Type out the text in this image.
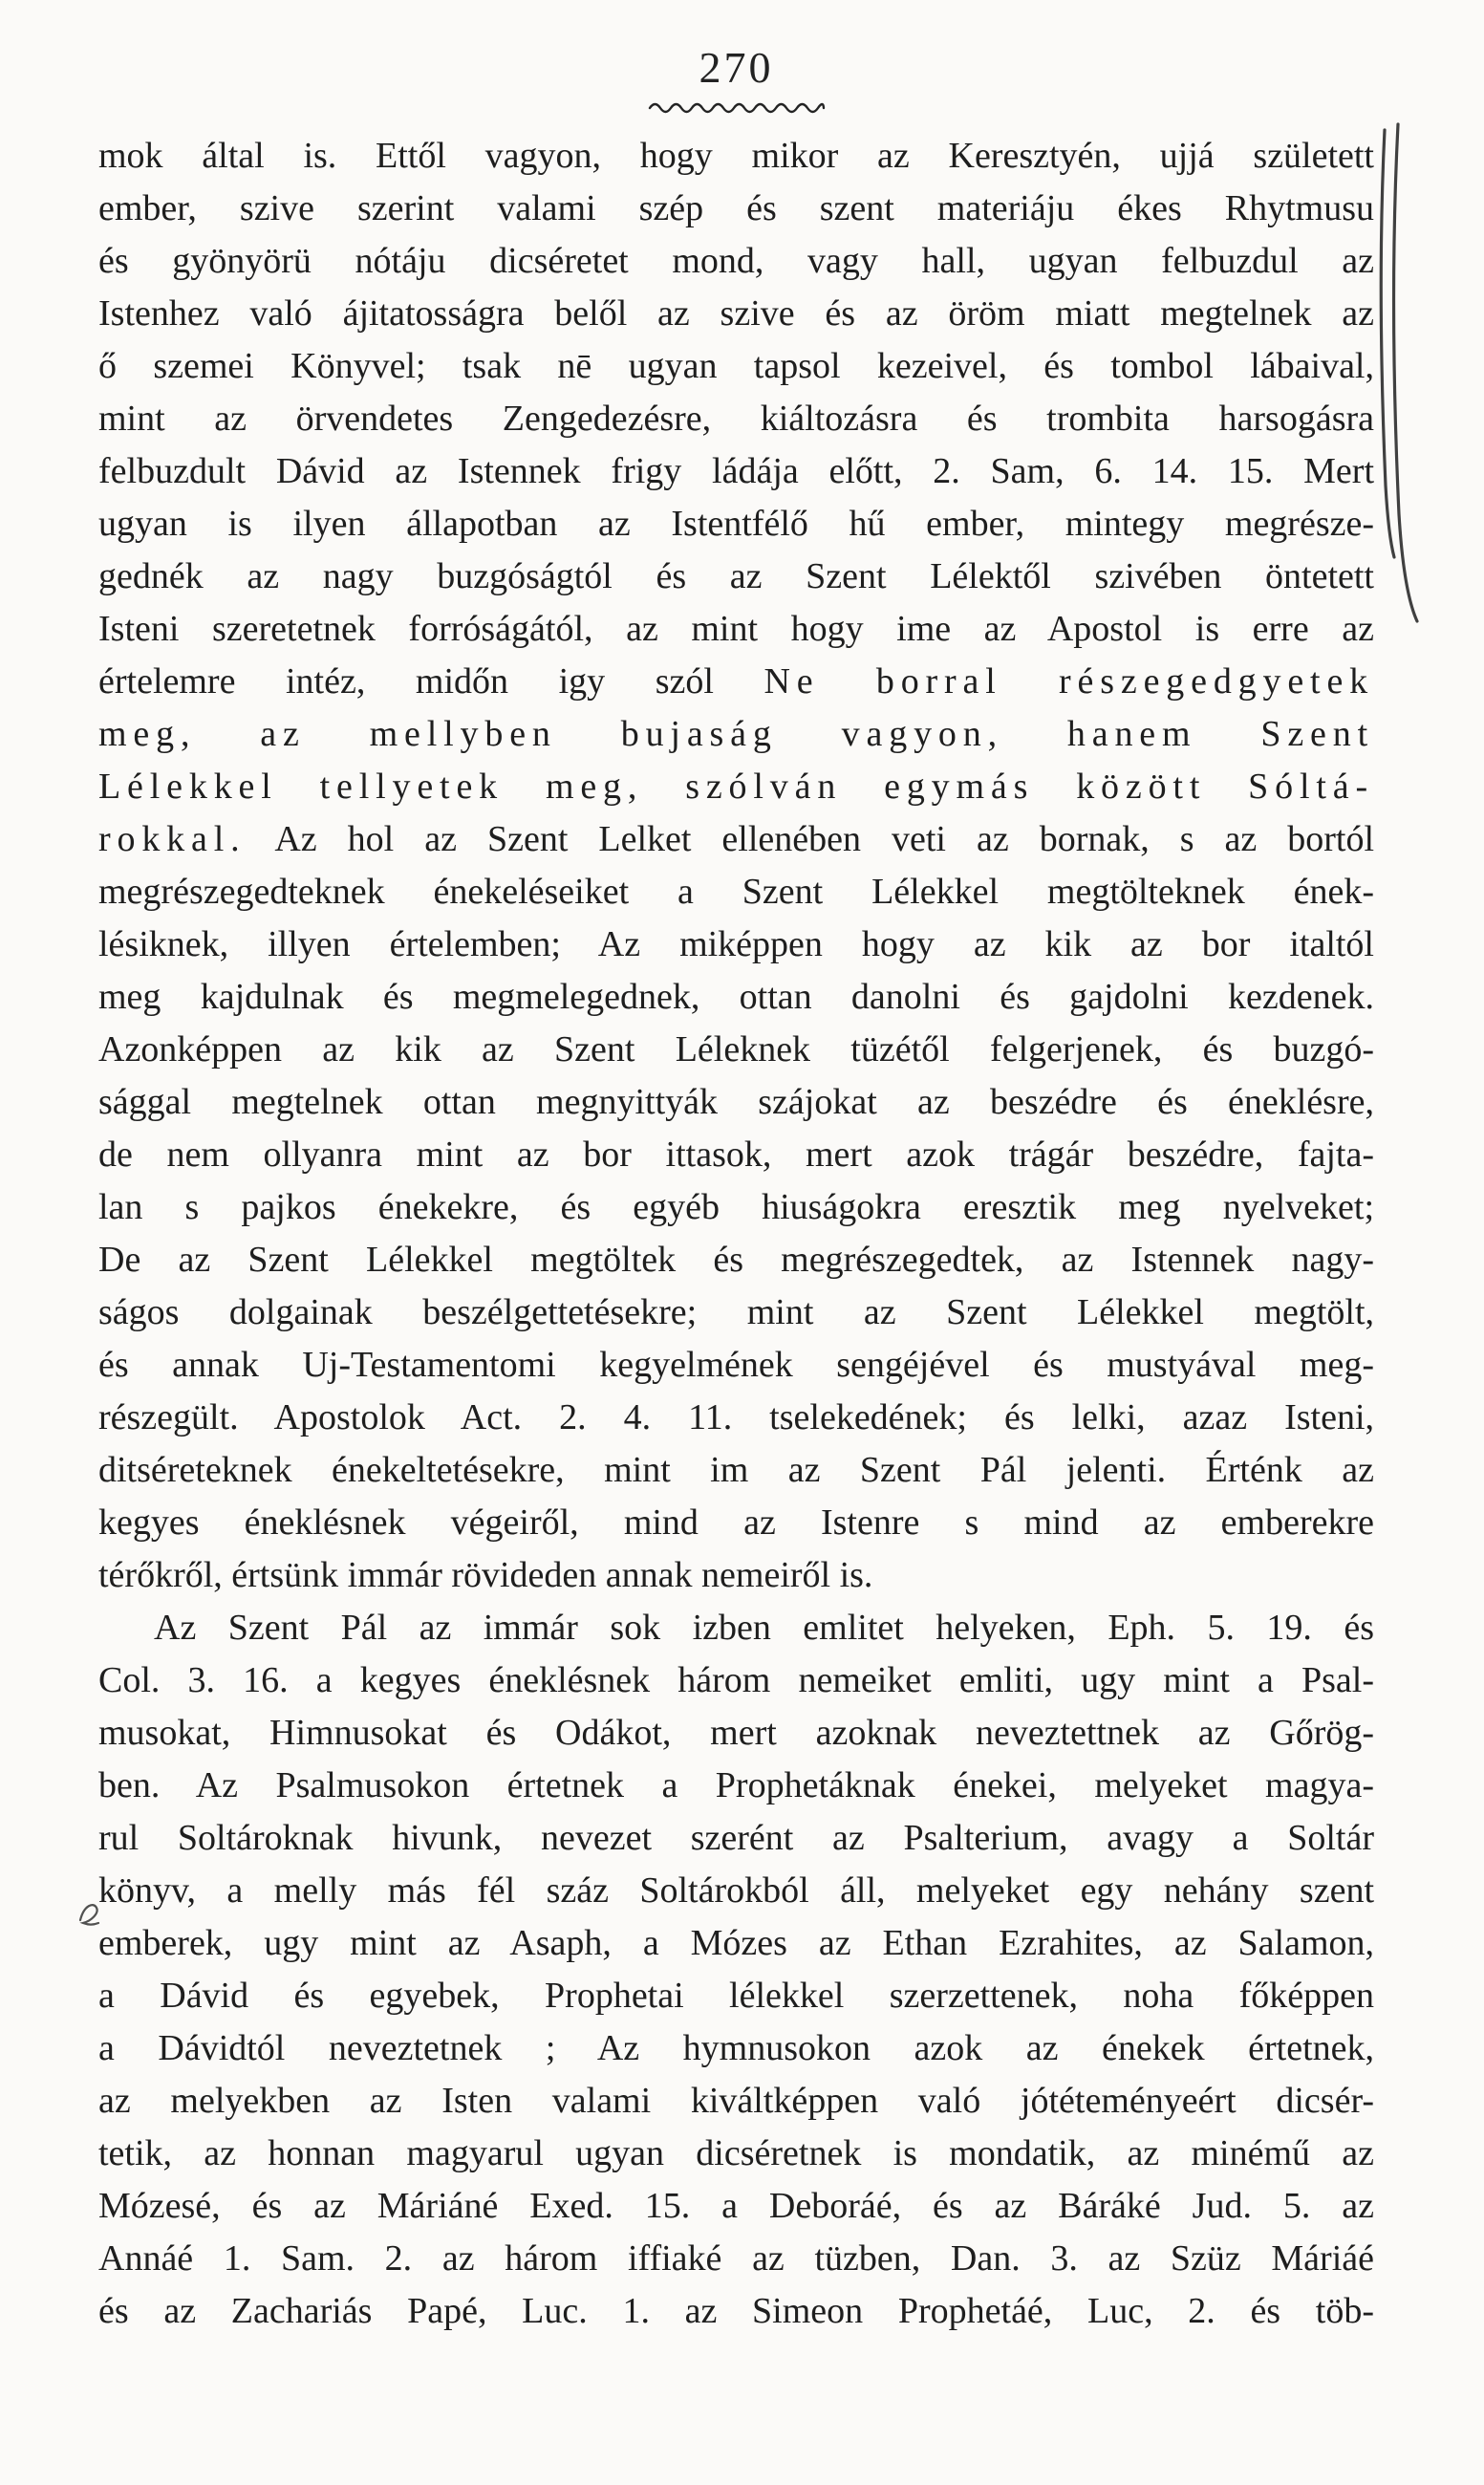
270
mok által is. Ettől vagyon, hogy mikor az Keresztyén, ujjá született
ember, szive szerint valami szép és szent materiáju ékes Rhytmusu
és gyönyörü nótáju dicséretet mond, vagy hall, ugyan felbuzdul az
Istenhez való ájitatosságra belől az szive és az öröm miatt megtelnek az
ő szemei Könyvel; tsak nē ugyan tapsol kezeivel, és tombol lábaival,
mint az örvendetes Zengedezésre, kiáltozásra és trombita harsogásra
felbuzdult Dávid az Istennek frigy ládája előtt, 2. Sam, 6. 14. 15. Mert
ugyan is ilyen állapotban az Istentfélő hű ember, mintegy megrésze-
gednék az nagy buzgóságtól és az Szent Lélektől szivében öntetett
Isteni szeretetnek forróságától, az mint hogy ime az Apostol is erre az
értelemre intéz, midőn igy szól Ne borral részegedgyetek
meg, az mellyben bujaság vagyon, hanem Szent
Lélekkel tellyetek meg, szólván egymás között Sóltá-
rokkal. Az hol az Szent Lelket ellenében veti az bornak, s az bortól
megrészegedteknek énekeléseiket a Szent Lélekkel megtölteknek ének-
lésiknek, illyen értelemben; Az miképpen hogy az kik az bor italtól
meg kajdulnak és megmelegednek, ottan danolni és gajdolni kezdenek.
Azonképpen az kik az Szent Léleknek tüzétől felgerjenek, és buzgó-
sággal megtelnek ottan megnyittyák szájokat az beszédre és éneklésre,
de nem ollyanra mint az bor ittasok, mert azok trágár beszédre, fajta-
lan s pajkos énekekre, és egyéb hiuságokra eresztik meg nyelveket;
De az Szent Lélekkel megtöltek és megrészegedtek, az Istennek nagy-
ságos dolgainak beszélgettetésekre; mint az Szent Lélekkel megtölt,
és annak Uj-Testamentomi kegyelmének sengéjével és mustyával meg-
részegült. Apostolok Act. 2. 4. 11. tselekedének; és lelki, azaz Isteni,
ditséreteknek énekeltetésekre, mint im az Szent Pál jelenti. Érténk az
kegyes éneklésnek végeiről, mind az Istenre s mind az emberekre
térőkről, értsünk immár rövideden annak nemeiről is.
Az Szent Pál az immár sok izben emlitet helyeken, Eph. 5. 19. és
Col. 3. 16. a kegyes éneklésnek három nemeiket emliti, ugy mint a Psal-
musokat, Himnusokat és Odákot, mert azoknak neveztettnek az Gőrög-
ben. Az Psalmusokon értetnek a Prophetáknak énekei, melyeket magya-
rul Soltároknak hivunk, nevezet szerént az Psalterium, avagy a Soltár
könyv, a melly más fél száz Soltárokból áll, melyeket egy nehány szent
emberek, ugy mint az Asaph, a Mózes az Ethan Ezrahites, az Salamon,
a Dávid és egyebek, Prophetai lélekkel szerzettenek, noha főképpen
a Dávidtól neveztetnek ; Az hymnusokon azok az énekek értetnek,
az melyekben az Isten valami kiváltképpen való jótéteményeért dicsér-
tetik, az honnan magyarul ugyan dicséretnek is mondatik, az minémű az
Mózesé, és az Máriáné Exed. 15. a Deboráé, és az Báráké Jud. 5. az
Annáé 1. Sam. 2. az három iffiaké az tüzben, Dan. 3. az Szüz Máriáé
és az Zachariás Papé, Luc. 1. az Simeon Prophetáé, Luc, 2. és töb-
